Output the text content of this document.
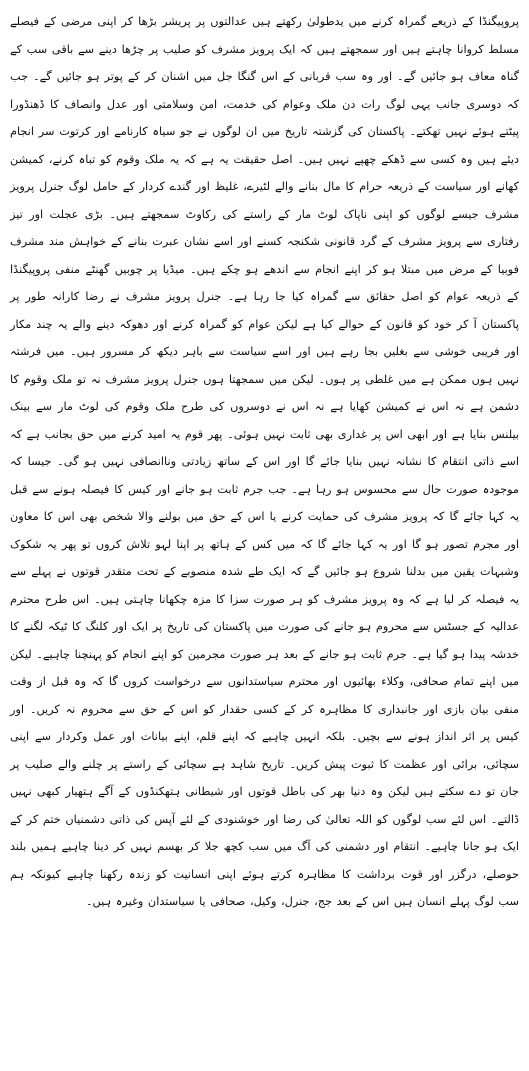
پروپیگنڈا کے ذریعے گمراہ کرنے میں یدطولیٰ رکھتے ہیں عدالتوں پر پریشر بڑھا کر اپنی مرضی کے فیصلے مسلط کروانا چاہتے ہیں اور سمجھتے ہیں کہ ایک پرویز مشرف کو صلیب پر چڑھا دینے سے باقی سب کے گناہ معاف ہو جائیں گے۔ اور وہ سب قربانی کے اس گنگا جل میں اشنان کر کے پوتر ہو جائیں گے۔ جب کہ دوسری جانب یہی لوگ رات دن ملک وعوام کی خدمت، امن وسلامتی اور عدل وانصاف کا ڈھنڈورا پیٹتے ہوئے نہیں تھکتے۔ پاکستان کی گزشتہ تاریخ میں ان لوگوں نے جو سیاہ کارنامے اور کرتوت سر انجام دیئے ہیں وہ کسی سے ڈھکے چھپے نہیں ہیں۔ اصل حقیقت یہ ہے کہ یہ ملک وقوم کو تباہ کرنے، کمیشن کھانے اور سیاست کے ذریعہ حرام کا مال بنانے والے لٹیرے، غلیظ اور گندے کردار کے حامل لوگ جنرل پرویز مشرف جیسے لوگوں کو اپنی ناپاک لوٹ مار کے راستے کی رکاوٹ سمجھتے ہیں۔ بڑی عجلت اور تیز رفتاری سے پرویز مشرف کے گرد قانونی شکنجہ کسنے اور اسے نشان عبرت بنانے کے خواہش مند مشرف فوبیا کے مرض میں مبتلا ہو کر اپنے انجام سے اندھے ہو چکے ہیں۔ میڈیا پر چوبیں گھنٹے منفی پروپیگنڈا کے ذریعہ عوام کو اصل حقائق سے گمراہ کیا جا رہا ہے۔ جنرل پرویز مشرف نے رضا کارانہ طور پر پاکستان آ کر خود کو قانون کے حوالے کیا ہے لیکن عوام کو گمراہ کرنے اور دھوکہ دینے والے یہ چند مکار اور فریبی خوشی سے بغلیں بجا رہے ہیں اور اسے سیاست سے باہر دیکھ کر مسرور ہیں۔ میں فرشتہ نہیں ہوں ممکن ہے میں غلطی پر ہوں۔ لیکن میں سمجھتا ہوں جنرل پرویز مشرف نہ تو ملک وقوم کا دشمن ہے نہ اس نے کمیشن کھایا ہے نہ اس نے دوسروں کی طرح ملک وقوم کی لوٹ مار سے بینک بیلنس بنایا ہے اور ابھی اس پر غداری بھی ثابت نہیں ہوئی۔ پھر قوم یہ امید کرنے میں حق بجانب ہے کہ اسے ذاتی انتقام کا نشانہ نہیں بنایا جائے گا اور اس کے ساتھ زیادتی وناانصافی نہیں ہو گی۔ جیسا کہ موجودہ صورت حال سے محسوس ہو رہا ہے۔ جب جرم ثابت ہو جانے اور کیس کا فیصلہ ہونے سے قبل یہ کہا جائے گا کہ پرویز مشرف کی حمایت کرنے یا اس کے حق میں بولنے والا شخص بھی اس کا معاون اور مجرم تصور ہو گا اور یہ کہا جائے گا کہ میں کس کے ہاتھ پر اپنا لہو تلاش کروں تو پھر یہ شکوک وشبہات یقین میں بدلنا شروع ہو جائیں گے کہ ایک طے شدہ منصوبے کے تحت متقدر قوتوں نے پہلے سے یہ فیصلہ کر لیا ہے کہ وہ پرویز مشرف کو ہر صورت سزا کا مزہ چکھانا چاہتی ہیں۔ اس طرح محترم عدالیہ کے جسٹس سے محروم ہو جانے کی صورت میں پاکستان کی تاریخ پر ایک اور کلنگ کا ٹیکہ لگنے کا خدشہ پیدا ہو گیا ہے۔ جرم ثابت ہو جانے کے بعد ہر صورت مجرمین کو اپنے انجام کو پہنچنا چاہیے۔ لیکن میں اپنے تمام صحافی، وکلاء بھائیوں اور محترم سیاستدانوں سے درخواست کروں گا کہ وہ قبل از وقت منفی بیان بازی اور جانبداری کا مظاہرہ کر کے کسی حقدار کو اس کے حق سے محروم نہ کریں۔ اور کیس پر اثر انداز ہونے سے بچیں۔ بلکہ انہیں چاہیے کہ اپنے قلم، اپنے بیانات اور عمل وکردار سے اپنی سچائی، برائی اور عظمت کا ثبوت پیش کریں۔ تاریخ شاہد ہے سچائی کے راستے پر چلنے والے صلیب پر جان تو دے سکتے ہیں لیکن وہ دنیا بھر کی باطل قوتوں اور شیطانی ہتھکنڈوں کے آگے ہتھیار کبھی نہیں ڈالتے۔ اس لئے سب لوگوں کو اللہ تعالیٰ کی رضا اور خوشنودی کے لئے آپس کی ذاتی دشمنیاں ختم کر کے ایک ہو جانا چاہیے۔ انتقام اور دشمنی کی آگ میں سب کچھ جلا کر بھسم نہیں کر دینا چاہیے ہمیں بلند حوصلے، درگزر اور قوت برداشت کا مظاہرہ کرتے ہوئے اپنی انسانیت کو زندہ رکھنا چاہیے کیونکہ ہم سب لوگ پہلے انسان ہیں اس کے بعد جج، جنرل، وکیل، صحافی یا سیاستدان وغیرہ ہیں۔
